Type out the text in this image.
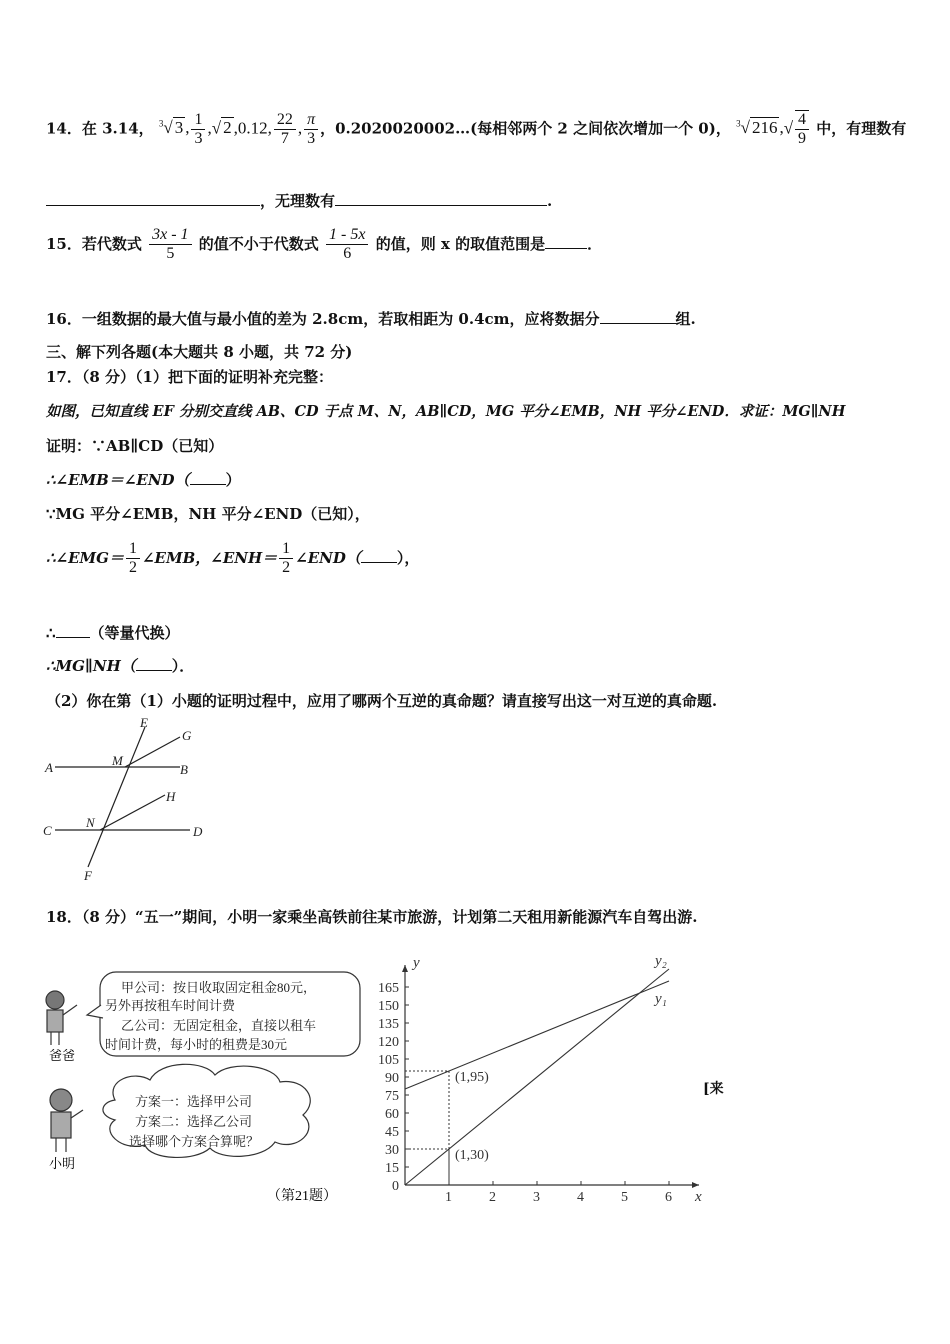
14．在 3.14， $^3$√ 3 , $\frac{1}{3}$ ,√ 2 ,0.12, $\frac{22}{7}$ , $\frac{\pi}{3}$ ，0.2020020002…(每相邻两个 2 之间依次增加一个 0)， $^3$√ 216 ,√ $\frac{4}{9}$ 中，有理数有
，无理数有	.
15．若代数式 $\frac{3x - 1}{5}$ 的值不小于代数式 $\frac{1 - 5x}{6}$ 的值，则 x 的取值范围是	．
16．一组数据的最大值与最小值的差为 2.8cm，若取相距为 0.4cm，应将数据分	组.
三、解下列各题(本大题共 8 小题，共 72 分)
17．（8 分）（1）把下面的证明补充完整：
如图，已知直线 EF 分别交直线 AB、CD 于点 M、N，AB∥CD，MG 平分∠EMB，NH 平分∠END．求证：MG∥NH
证明：∵AB∥CD（已知）
∴∠EMB＝∠END（ ）
∵MG 平分∠EMB，NH 平分∠END（已知），
∴∠EMG＝ $\frac{1}{2}$ ∠EMB，∠ENH＝ $\frac{1}{2}$ ∠END（ ），
∴ （等量代换）
∴MG∥NH（ ）．
（2）你在第（1）小题的证明过程中，应用了哪两个互逆的真命题？请直接写出这一对互逆的真命题.
E
G
A	M
B
H
C
N
D
F
18．（8 分）“五一”期间，小明一家乘坐高铁前往某市旅游，计划第二天租用新能源汽车自驾出游.
爸爸
甲公司：按日收取固定租金80元，
另外再按租车时间计费
乙公司：无固定租金，直接以租车
时间计费，每小时的租费是30元
小明
方案一：选择甲公司
方案二：选择乙公司
选择哪个方案合算呢？
（第21题）	x
y
1	2	3	4	5	6
0
15
30
45
60
75
90
105
120
135
150
165
y₁
y₂
(1,95)
(1,30)
[来
